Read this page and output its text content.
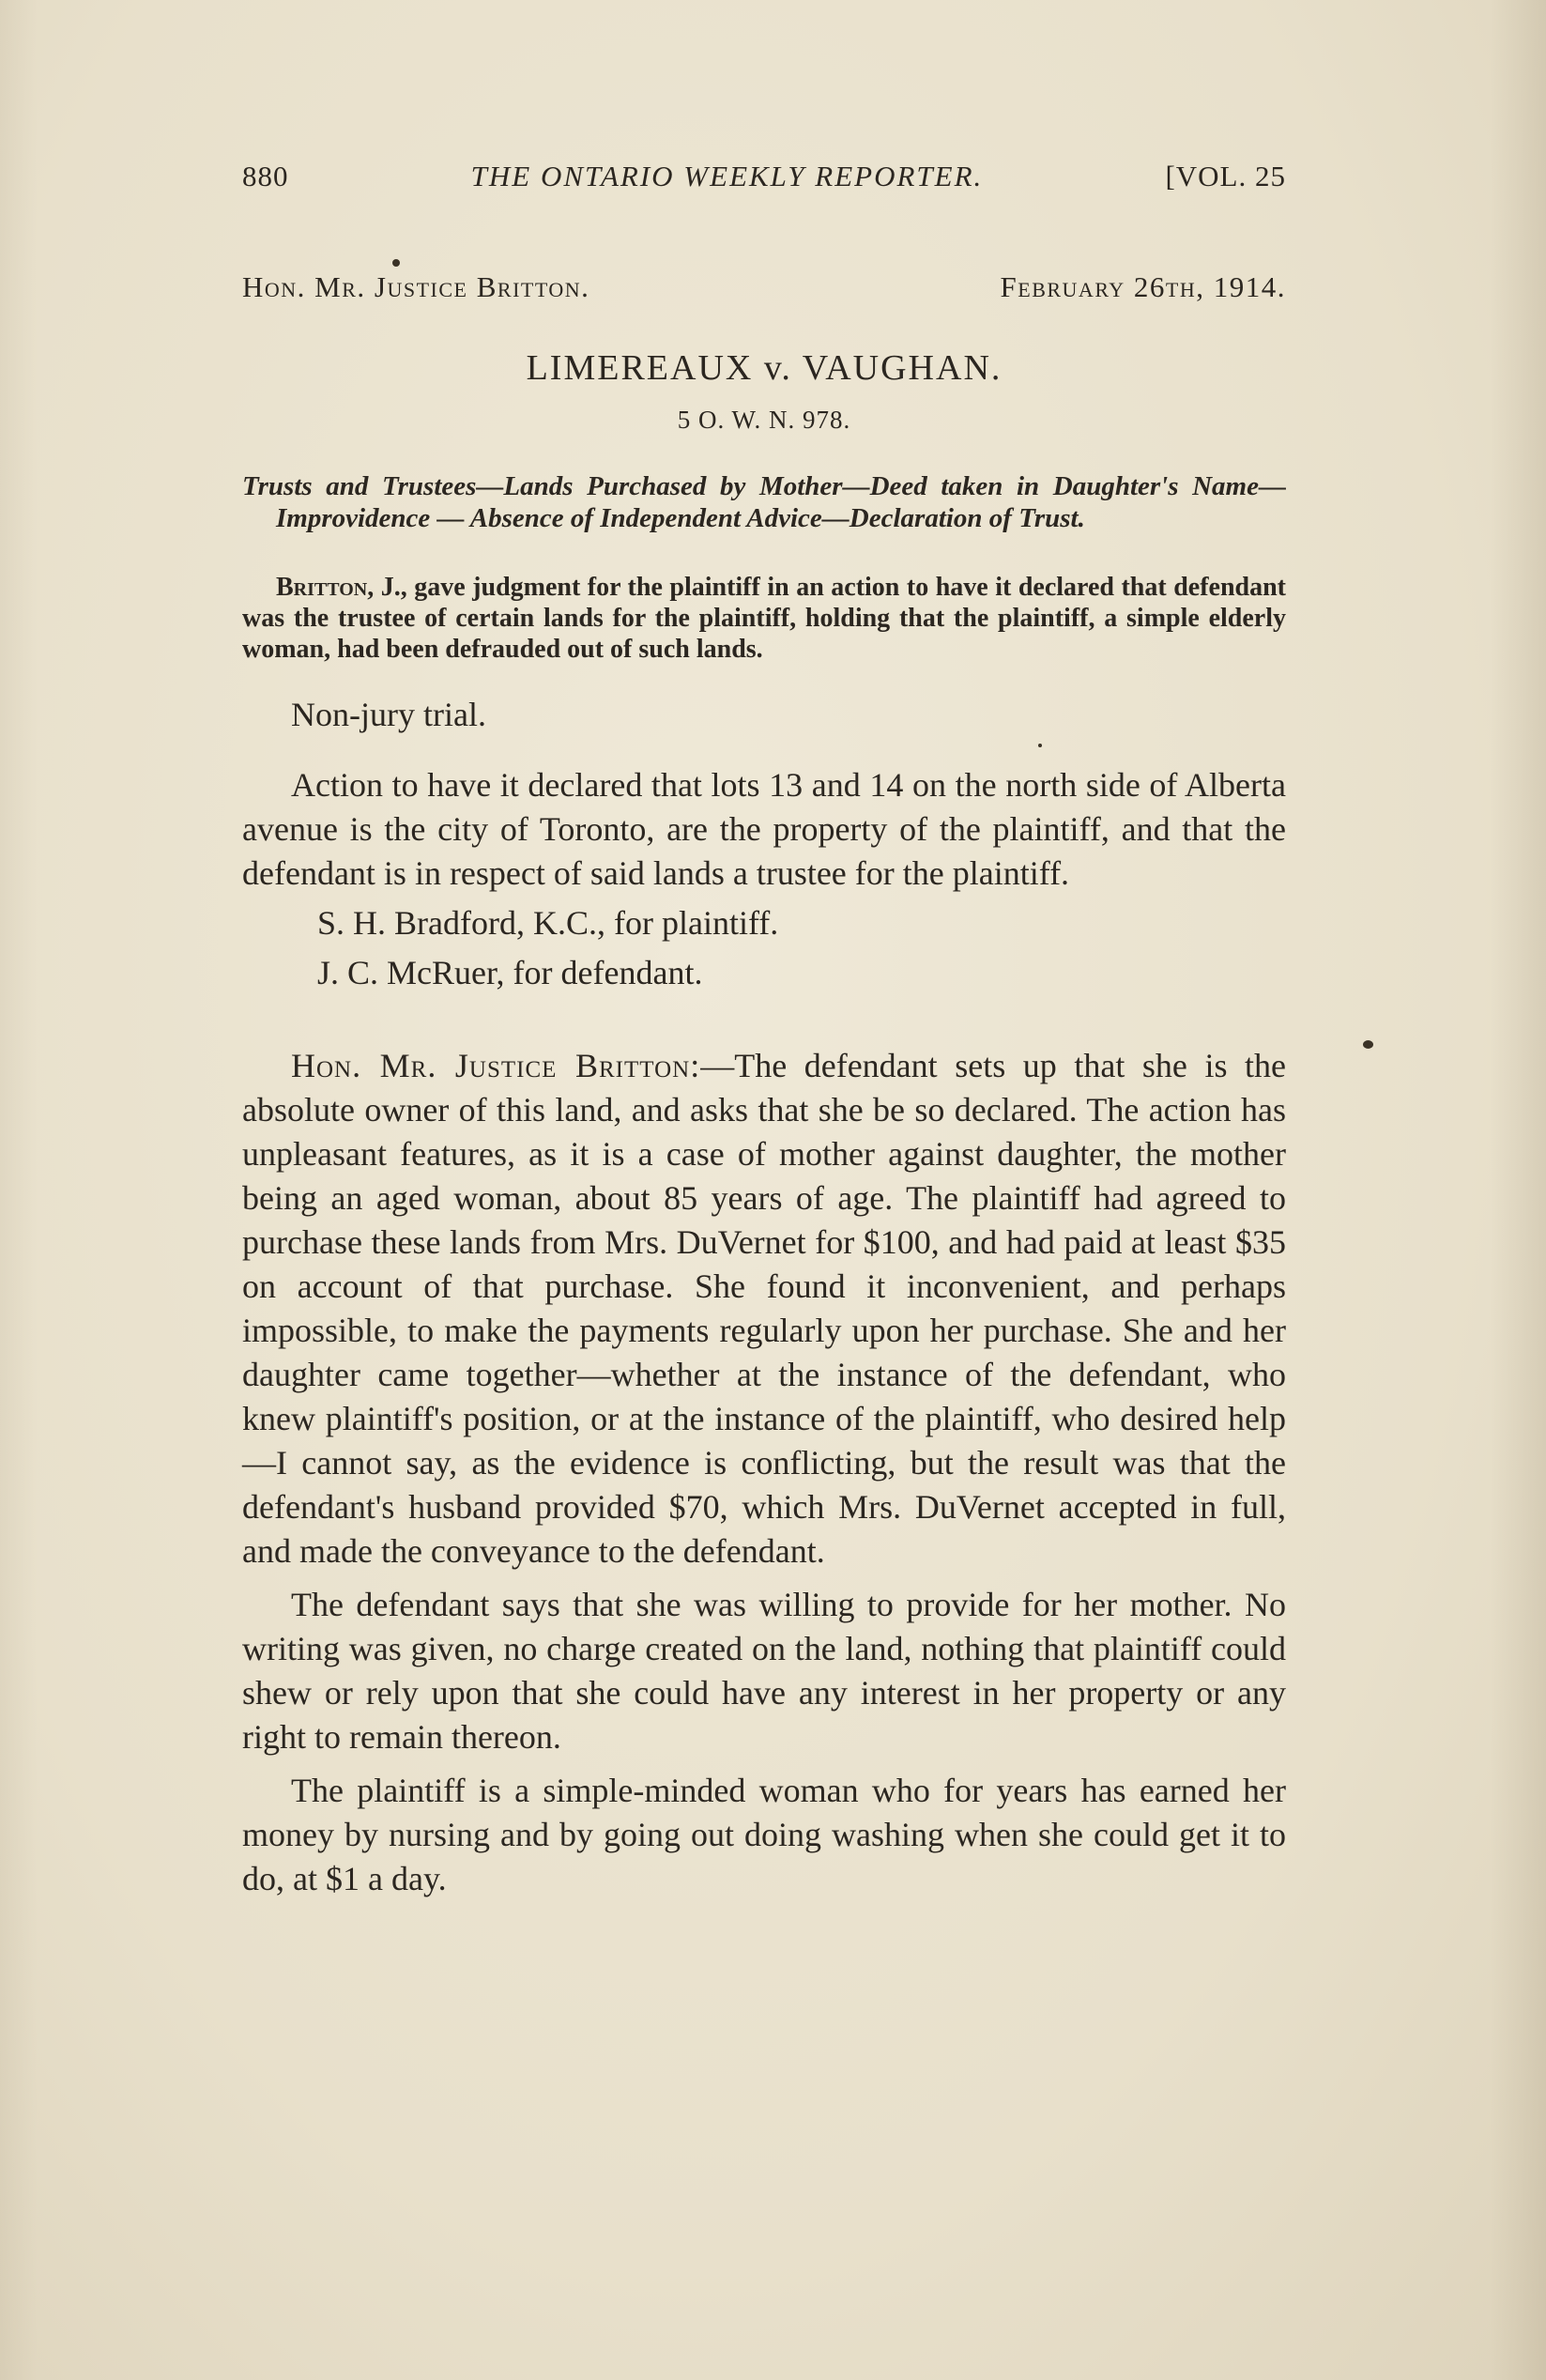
880	THE ONTARIO WEEKLY REPORTER.	[VOL. 25
Hon. Mr. Justice Britton.	February 26th, 1914.
LIMEREAUX v. VAUGHAN.
5 O. W. N. 978.
Trusts and Trustees—Lands Purchased by Mother—Deed taken in Daughter's Name—Improvidence — Absence of Independent Advice—Declaration of Trust.
Britton, J., gave judgment for the plaintiff in an action to have it declared that defendant was the trustee of certain lands for the plaintiff, holding that the plaintiff, a simple elderly woman, had been defrauded out of such lands.

Non-jury trial.

Action to have it declared that lots 13 and 14 on the north side of Alberta avenue is the city of Toronto, are the property of the plaintiff, and that the defendant is in respect of said lands a trustee for the plaintiff.

S. H. Bradford, K.C., for plaintiff.

J. C. McRuer, for defendant.

Hon. Mr. Justice Britton:—The defendant sets up that she is the absolute owner of this land, and asks that she be so declared. The action has unpleasant features, as it is a case of mother against daughter, the mother being an aged woman, about 85 years of age. The plaintiff had agreed to purchase these lands from Mrs. DuVernet for $100, and had paid at least $35 on account of that purchase. She found it inconvenient, and perhaps impossible, to make the payments regularly upon her purchase. She and her daughter came together—whether at the instance of the defendant, who knew plaintiff's position, or at the instance of the plaintiff, who desired help—I cannot say, as the evidence is conflicting, but the result was that the defendant's husband provided $70, which Mrs. DuVernet accepted in full, and made the conveyance to the defendant.

The defendant says that she was willing to provide for her mother. No writing was given, no charge created on the land, nothing that plaintiff could shew or rely upon that she could have any interest in her property or any right to remain thereon.

The plaintiff is a simple-minded woman who for years has earned her money by nursing and by going out doing washing when she could get it to do, at $1 a day.
